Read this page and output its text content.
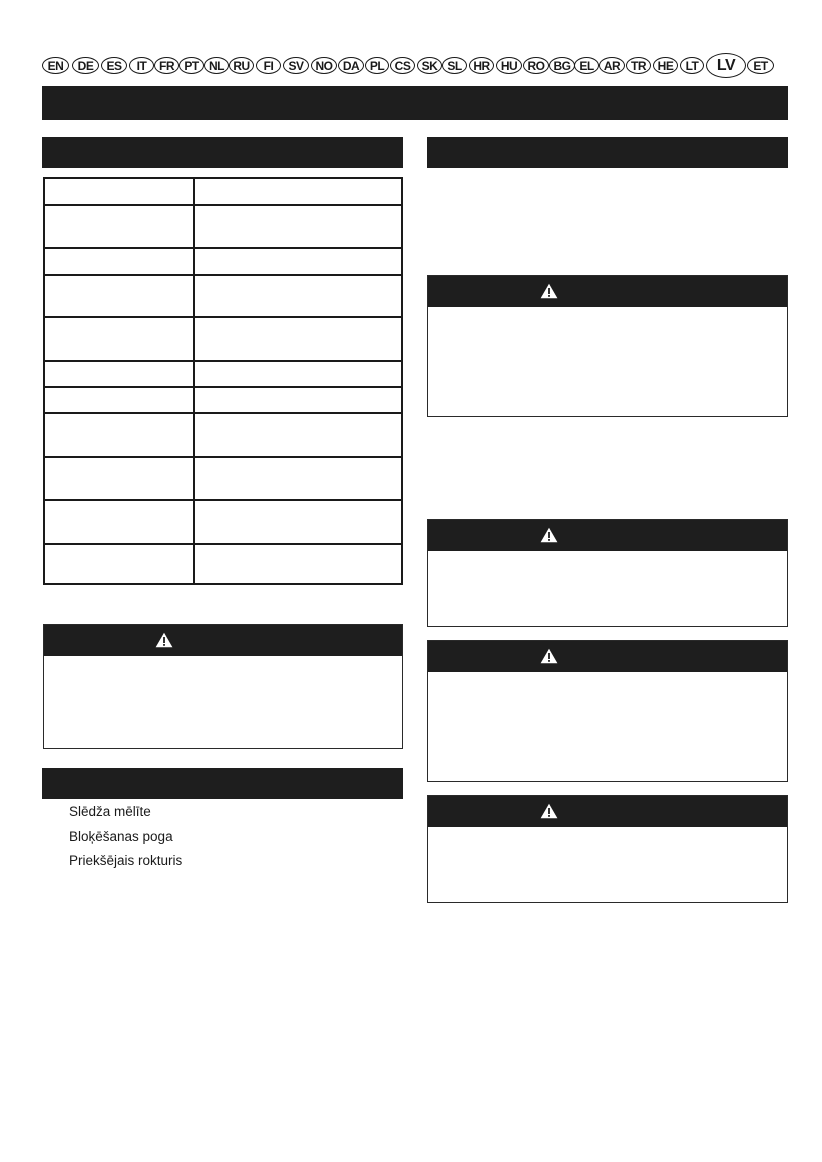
EN	DE	ES	IT	FR PT NL RU	FI	SV	NO DA PL CS SK SL HR HU RO BG EL AR TR HE	LT	LV	ET
Slēdža mēlīte
Bloķēšanas poga
Priekšējais rokturis
